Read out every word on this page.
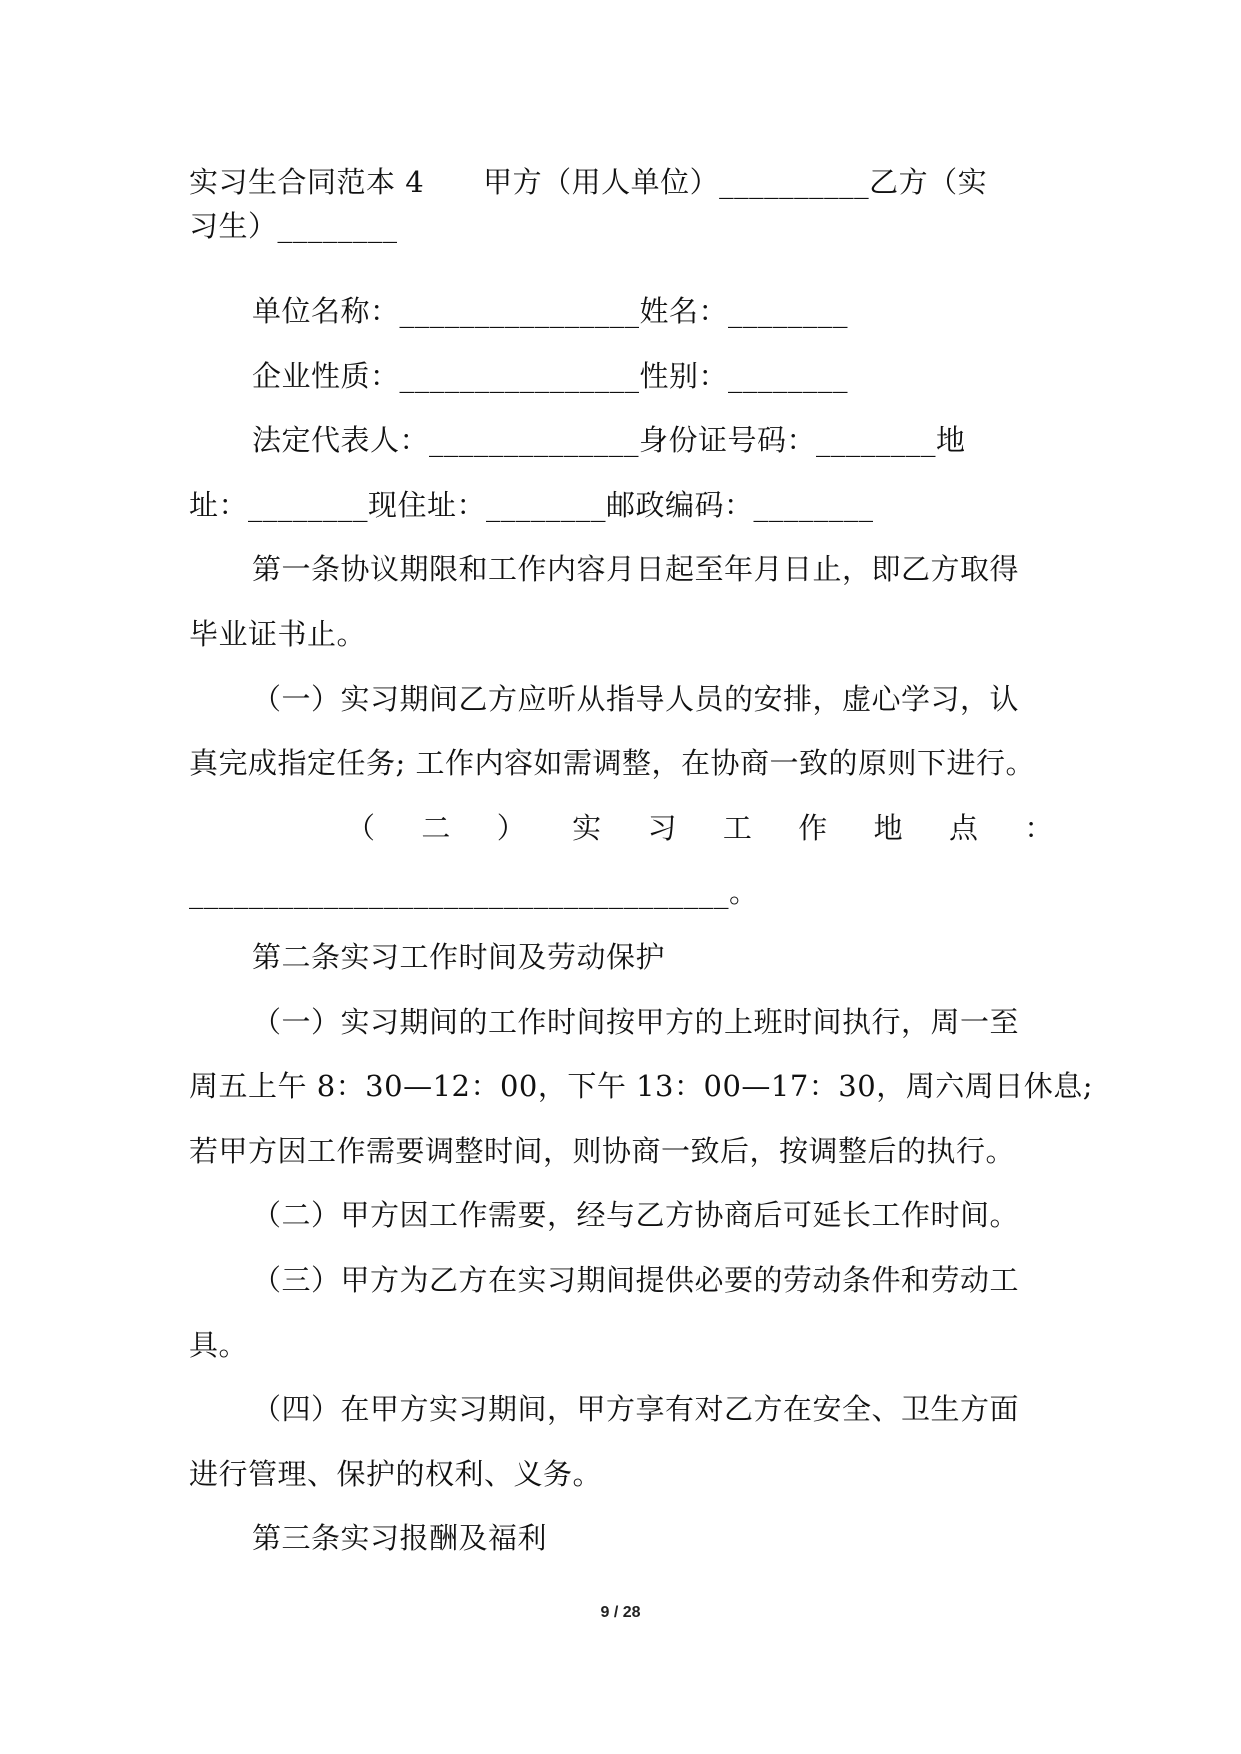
实习生合同范本 4　　甲方（用人单位）__________乙方（实
习生）________
单位名称：________________姓名：________
企业性质：________________性别：________
法定代表人：______________身份证号码：________地
址：________现住址：________邮政编码：________
第一条协议期限和工作内容月日起至年月日止，即乙方取得
毕业证书止。
（一）实习期间乙方应听从指导人员的安排，虚心学习，认
真完成指定任务; 工作内容如需调整，在协商一致的原则下进行。
（ 二 ） 实 习 工 作 地 点 ：
____________________________________。
第二条实习工作时间及劳动保护
（一）实习期间的工作时间按甲方的上班时间执行，周一至
周五上午 8：30—12：00，下午 13：00—17：30，周六周日休息;
若甲方因工作需要调整时间，则协商一致后，按调整后的执行。
（二）甲方因工作需要，经与乙方协商后可延长工作时间。
（三）甲方为乙方在实习期间提供必要的劳动条件和劳动工
具。
（四）在甲方实习期间，甲方享有对乙方在安全、卫生方面
进行管理、保护的权利、义务。
第三条实习报酬及福利
9 / 28
